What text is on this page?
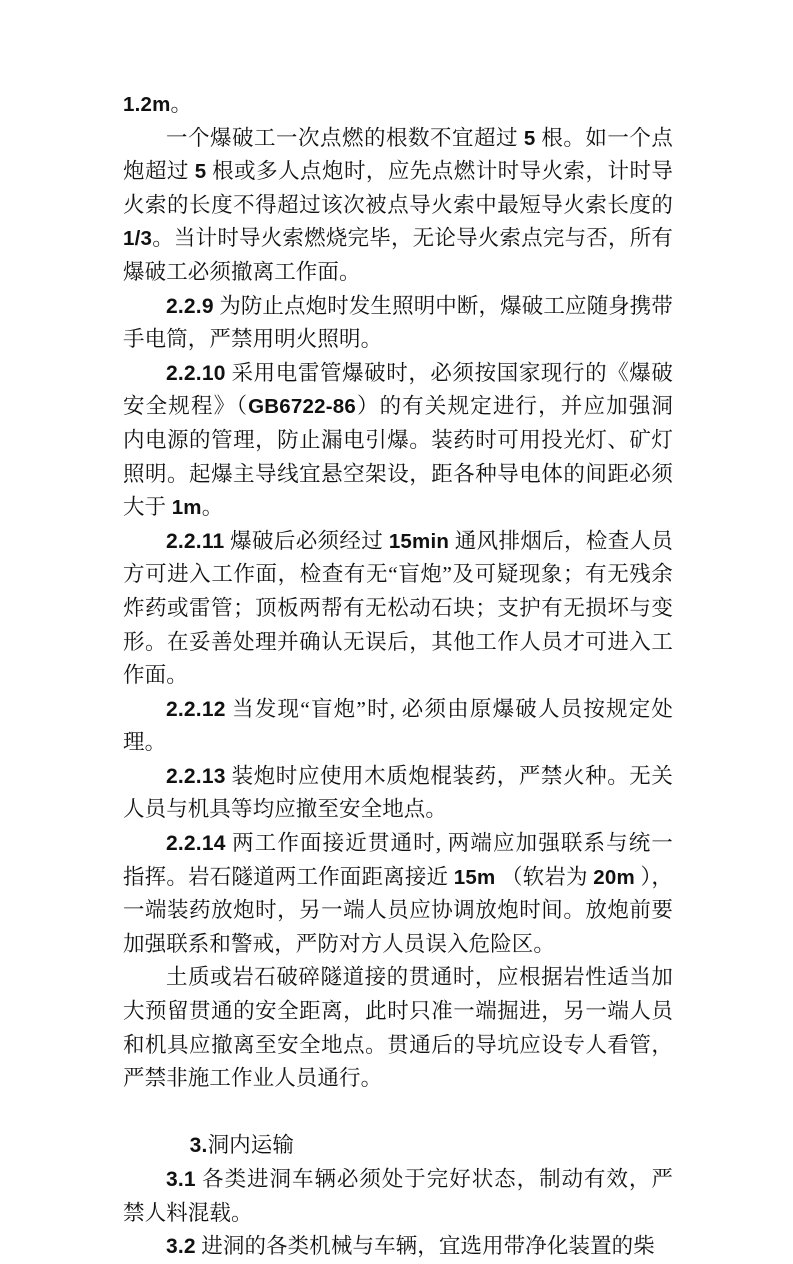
1.2m。

一个爆破工一次点燃的根数不宜超过 5 根。如一个点炮超过 5 根或多人点炮时，应先点燃计时导火索，计时导火索的长度不得超过该次被点导火索中最短导火索长度的 1/3。当计时导火索燃烧完毕，无论导火索点完与否，所有爆破工必须撤离工作面。

2.2.9 为防止点炮时发生照明中断，爆破工应随身携带手电筒，严禁用明火照明。

2.2.10 采用电雷管爆破时，必须按国家现行的《爆破安全规程》（GB6722-86）的有关规定进行，并应加强洞内电源的管理，防止漏电引爆。装药时可用投光灯、矿灯照明。起爆主导线宜悬空架设，距各种导电体的间距必须大于 1m。

2.2.11 爆破后必须经过 15min 通风排烟后，检查人员方可进入工作面，检查有无“盲炮”及可疑现象；有无残余炸药或雷管；顶板两帮有无松动石块；支护有无损坏与变形。在妥善处理并确认无误后，其他工作人员才可进入工作面。

2.2.12 当发现“盲炮”时, 必须由原爆破人员按规定处理。

2.2.13 装炮时应使用木质炮棍装药，严禁火种。无关人员与机具等均应撤至安全地点。

2.2.14 两工作面接近贯通时, 两端应加强联系与统一指挥。岩石隧道两工作面距离接近 15m （软岩为 20m ），一端装药放炮时，另一端人员应协调放炮时间。放炮前要加强联系和警戒，严防对方人员误入危险区。

土质或岩石破碎隧道接的贯通时，应根据岩性适当加大预留贯通的安全距离，此时只准一端掘进，另一端人员和机具应撤离至安全地点。贯通后的导坑应设专人看管，严禁非施工作业人员通行。

3.洞内运输

3.1 各类进洞车辆必须处于完好状态，制动有效，严禁人料混载。

3.2 进洞的各类机械与车辆，宜选用带净化装置的柴
